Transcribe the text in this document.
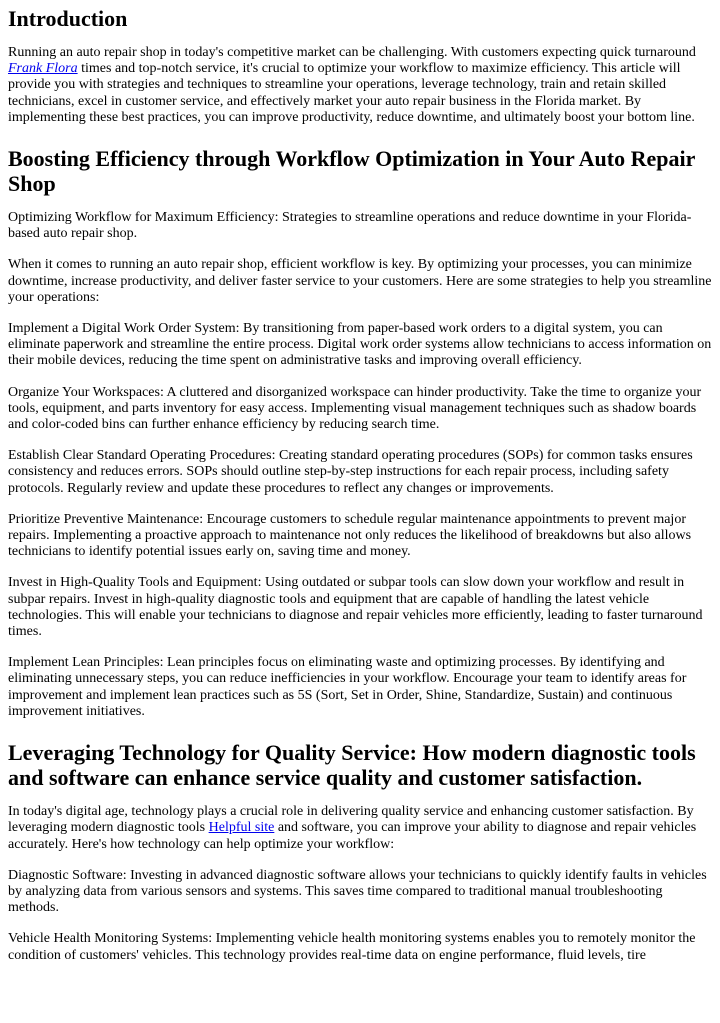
Introduction

Running an auto repair shop in today's competitive market can be challenging. With customers expecting quick turnaround Frank Flora times and top-notch service, it's crucial to optimize your workflow to maximize efficiency. This article will provide you with strategies and techniques to streamline your operations, leverage technology, train and retain skilled technicians, excel in customer service, and effectively market your auto repair business in the Florida market. By implementing these best practices, you can improve productivity, reduce downtime, and ultimately boost your bottom line.

Boosting Efficiency through Workflow Optimization in Your Auto Repair Shop

Optimizing Workflow for Maximum Efficiency: Strategies to streamline operations and reduce downtime in your Florida-based auto repair shop.

When it comes to running an auto repair shop, efficient workflow is key. By optimizing your processes, you can minimize downtime, increase productivity, and deliver faster service to your customers. Here are some strategies to help you streamline your operations:

Implement a Digital Work Order System: By transitioning from paper-based work orders to a digital system, you can eliminate paperwork and streamline the entire process. Digital work order systems allow technicians to access information on their mobile devices, reducing the time spent on administrative tasks and improving overall efficiency.

Organize Your Workspaces: A cluttered and disorganized workspace can hinder productivity. Take the time to organize your tools, equipment, and parts inventory for easy access. Implementing visual management techniques such as shadow boards and color-coded bins can further enhance efficiency by reducing search time.

Establish Clear Standard Operating Procedures: Creating standard operating procedures (SOPs) for common tasks ensures consistency and reduces errors. SOPs should outline step-by-step instructions for each repair process, including safety protocols. Regularly review and update these procedures to reflect any changes or improvements.

Prioritize Preventive Maintenance: Encourage customers to schedule regular maintenance appointments to prevent major repairs. Implementing a proactive approach to maintenance not only reduces the likelihood of breakdowns but also allows technicians to identify potential issues early on, saving time and money.

Invest in High-Quality Tools and Equipment: Using outdated or subpar tools can slow down your workflow and result in subpar repairs. Invest in high-quality diagnostic tools and equipment that are capable of handling the latest vehicle technologies. This will enable your technicians to diagnose and repair vehicles more efficiently, leading to faster turnaround times.

Implement Lean Principles: Lean principles focus on eliminating waste and optimizing processes. By identifying and eliminating unnecessary steps, you can reduce inefficiencies in your workflow. Encourage your team to identify areas for improvement and implement lean practices such as 5S (Sort, Set in Order, Shine, Standardize, Sustain) and continuous improvement initiatives.

Leveraging Technology for Quality Service: How modern diagnostic tools and software can enhance service quality and customer satisfaction.

In today's digital age, technology plays a crucial role in delivering quality service and enhancing customer satisfaction. By leveraging modern diagnostic tools Helpful site and software, you can improve your ability to diagnose and repair vehicles accurately. Here's how technology can help optimize your workflow:

Diagnostic Software: Investing in advanced diagnostic software allows your technicians to quickly identify faults in vehicles by analyzing data from various sensors and systems. This saves time compared to traditional manual troubleshooting methods.

Vehicle Health Monitoring Systems: Implementing vehicle health monitoring systems enables you to remotely monitor the condition of customers' vehicles. This technology provides real-time data on engine performance, fluid levels, tire
